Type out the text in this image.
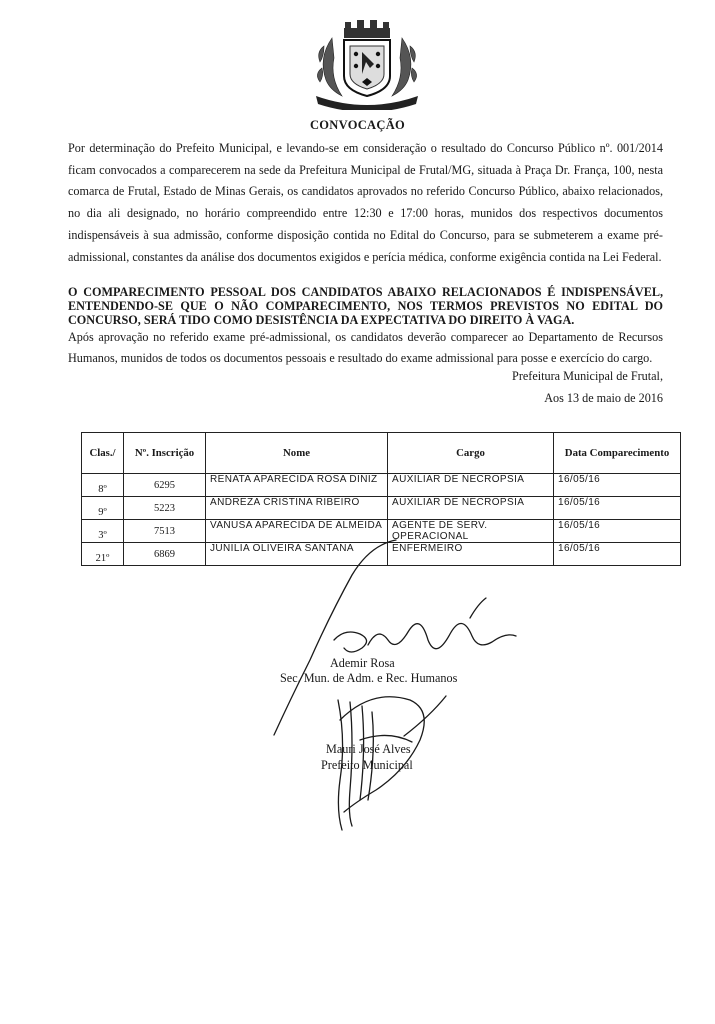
CONVOCAÇÃO

Por determinação do Prefeito Municipal, e levando-se em consideração o resultado do Concurso Público nº. 001/2014 ficam convocados a comparecerem na sede da Prefeitura Municipal de Frutal/MG, situada à Praça Dr. França, 100, nesta comarca de Frutal, Estado de Minas Gerais, os candidatos aprovados no referido Concurso Público, abaixo relacionados, no dia ali designado, no horário compreendido entre 12:30 e 17:00 horas, munidos dos respectivos documentos indispensáveis à sua admissão, conforme disposição contida no Edital do Concurso, para se submeterem a exame pré-admissional, constantes da análise dos documentos exigidos e perícia médica, conforme exigência contida na Lei Federal.

O COMPARECIMENTO PESSOAL DOS CANDIDATOS ABAIXO RELACIONADOS É INDISPENSÁVEL, ENTENDENDO-SE QUE O NÃO COMPARECIMENTO, NOS TERMOS PREVISTOS NO EDITAL DO CONCURSO, SERÁ TIDO COMO DESISTÊNCIA DA EXPECTATIVA DO DIREITO À VAGA.

Após aprovação no referido exame pré-admissional, os candidatos deverão comparecer ao Departamento de Recursos Humanos, munidos de todos os documentos pessoais e resultado do exame admissional para posse e exercício do cargo.

Prefeitura Municipal de Frutal,
Aos 13 de maio de 2016
Clas./	Nº. Inscrição	Nome	Cargo	Data Comparecimento
8º	6295	RENATA APARECIDA ROSA DINIZ	AUXILIAR DE NECROPSIA	16/05/16
9º	5223	ANDREZA CRISTINA RIBEIRO	AUXILIAR DE NECROPSIA	16/05/16
3º	7513	VANUSA APARECIDA DE ALMEIDA	AGENTE DE SERV. OPERACIONAL	16/05/16
21º	6869	JUNILIA OLIVEIRA SANTANA	ENFERMEIRO	16/05/16
Ademir Rosa
Sec. Mun. de Adm. e Rec. Humanos
Mauri José Alves
Prefeito Municipal
